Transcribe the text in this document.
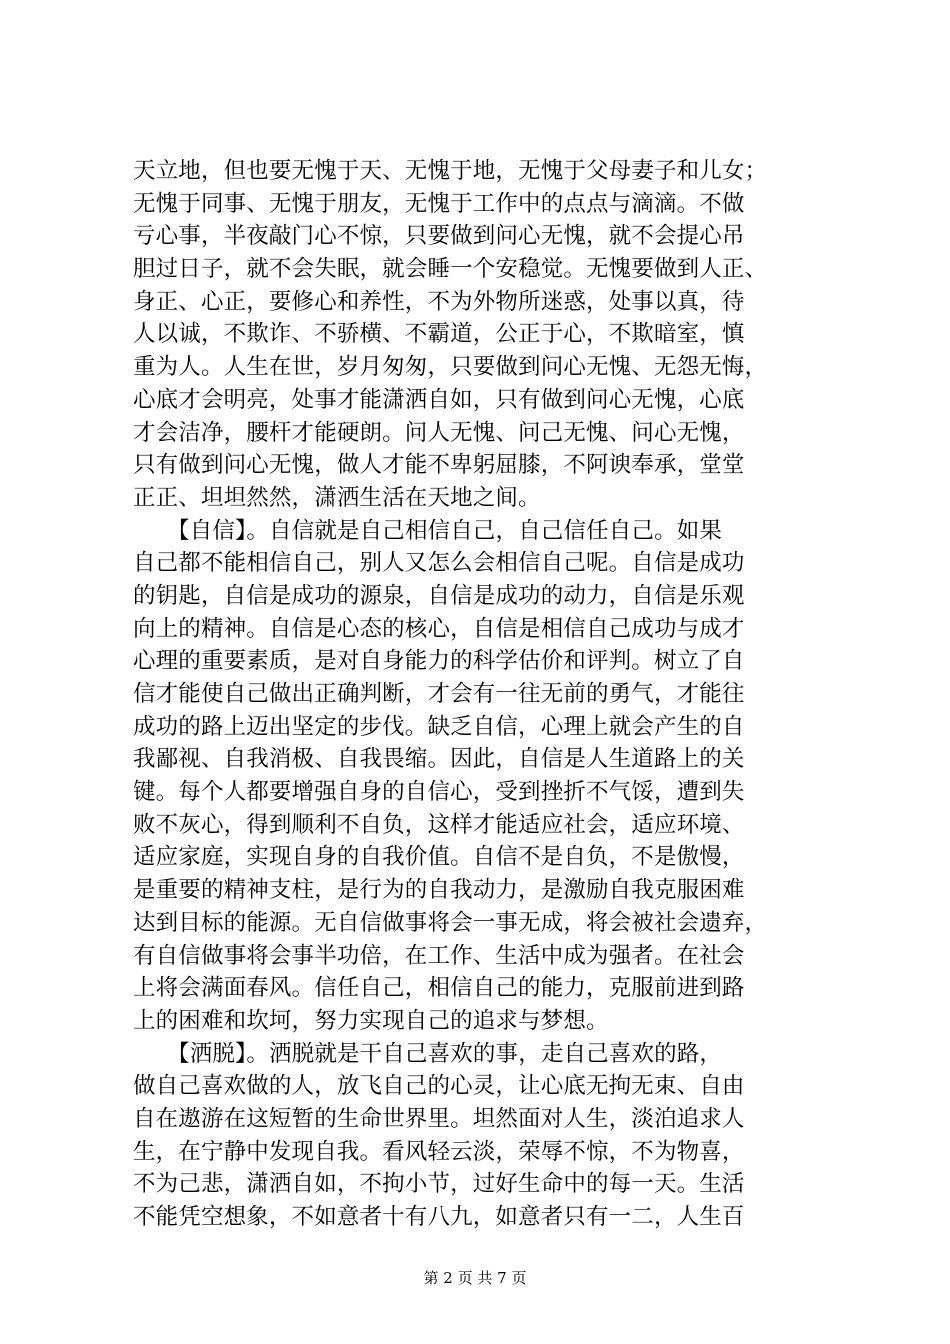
天立地，但也要无愧于天、无愧于地，无愧于父母妻子和儿女；
无愧于同事、无愧于朋友，无愧于工作中的点点与滴滴。不做
亏心事，半夜敲门心不惊，只要做到问心无愧，就不会提心吊
胆过日子，就不会失眠，就会睡一个安稳觉。无愧要做到人正、
身正、心正，要修心和养性，不为外物所迷惑，处事以真，待
人以诚，不欺诈、不骄横、不霸道，公正于心，不欺暗室，慎
重为人。人生在世，岁月匆匆，只要做到问心无愧、无怨无悔，
心底才会明亮，处事才能潇洒自如，只有做到问心无愧，心底
才会洁净，腰杆才能硬朗。问人无愧、问己无愧、问心无愧，
只有做到问心无愧，做人才能不卑躬屈膝，不阿谀奉承，堂堂
正正、坦坦然然，潇洒生活在天地之间。
　　【自信】。自信就是自己相信自己，自己信任自己。如果
自己都不能相信自己，别人又怎么会相信自己呢。自信是成功
的钥匙，自信是成功的源泉，自信是成功的动力，自信是乐观
向上的精神。自信是心态的核心，自信是相信自己成功与成才
心理的重要素质，是对自身能力的科学估价和评判。树立了自
信才能使自己做出正确判断，才会有一往无前的勇气，才能往
成功的路上迈出坚定的步伐。缺乏自信，心理上就会产生的自
我鄙视、自我消极、自我畏缩。因此，自信是人生道路上的关
键。每个人都要增强自身的自信心，受到挫折不气馁，遭到失
败不灰心，得到顺利不自负，这样才能适应社会，适应环境、
适应家庭，实现自身的自我价值。自信不是自负，不是傲慢，
是重要的精神支柱，是行为的自我动力，是激励自我克服困难
达到目标的能源。无自信做事将会一事无成，将会被社会遗弃，
有自信做事将会事半功倍，在工作、生活中成为强者。在社会
上将会满面春风。信任自己，相信自己的能力，克服前进到路
上的困难和坎坷，努力实现自己的追求与梦想。
　　【洒脱】。洒脱就是干自己喜欢的事，走自己喜欢的路，
做自己喜欢做的人，放飞自己的心灵，让心底无拘无束、自由
自在遨游在这短暂的生命世界里。坦然面对人生，淡泊追求人
生，在宁静中发现自我。看风轻云淡，荣辱不惊，不为物喜，
不为己悲，潇洒自如，不拘小节，过好生命中的每一天。生活
不能凭空想象，不如意者十有八九，如意者只有一二，人生百
第 2 页 共 7 页
